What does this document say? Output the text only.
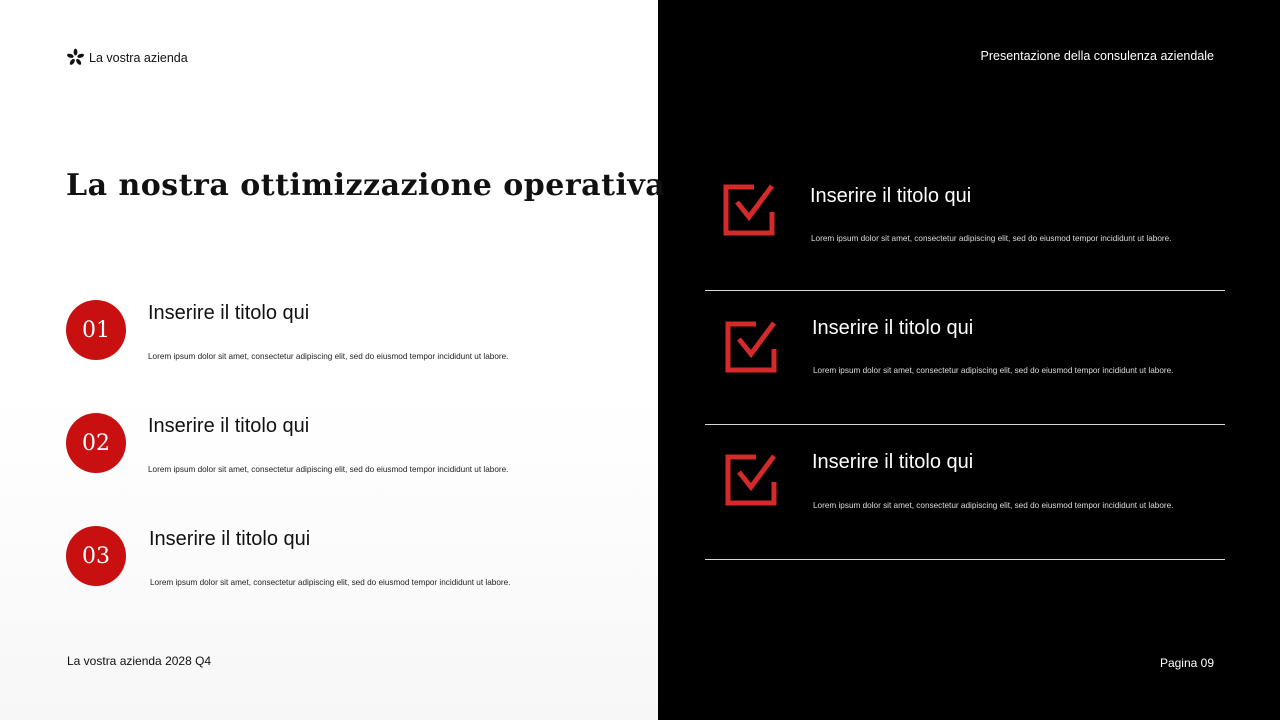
La vostra azienda	Presentazione della consulenza aziendale
La nostra ottimizzazione operativa
01
Inserire il titolo qui
Lorem ipsum dolor sit amet, consectetur adipiscing elit, sed do eiusmod tempor incididunt ut labore.
02
Inserire il titolo qui
Lorem ipsum dolor sit amet, consectetur adipiscing elit, sed do eiusmod tempor incididunt ut labore.
03
Inserire il titolo qui
Lorem ipsum dolor sit amet, consectetur adipiscing elit, sed do eiusmod tempor incididunt ut labore.
Inserire il titolo qui
Lorem ipsum dolor sit amet, consectetur adipiscing elit, sed do eiusmod tempor incididunt ut labore.
Inserire il titolo qui
Lorem ipsum dolor sit amet, consectetur adipiscing elit, sed do eiusmod tempor incididunt ut labore.
Inserire il titolo qui
Lorem ipsum dolor sit amet, consectetur adipiscing elit, sed do eiusmod tempor incididunt ut labore.
La vostra azienda 2028 Q4	Pagina 09
